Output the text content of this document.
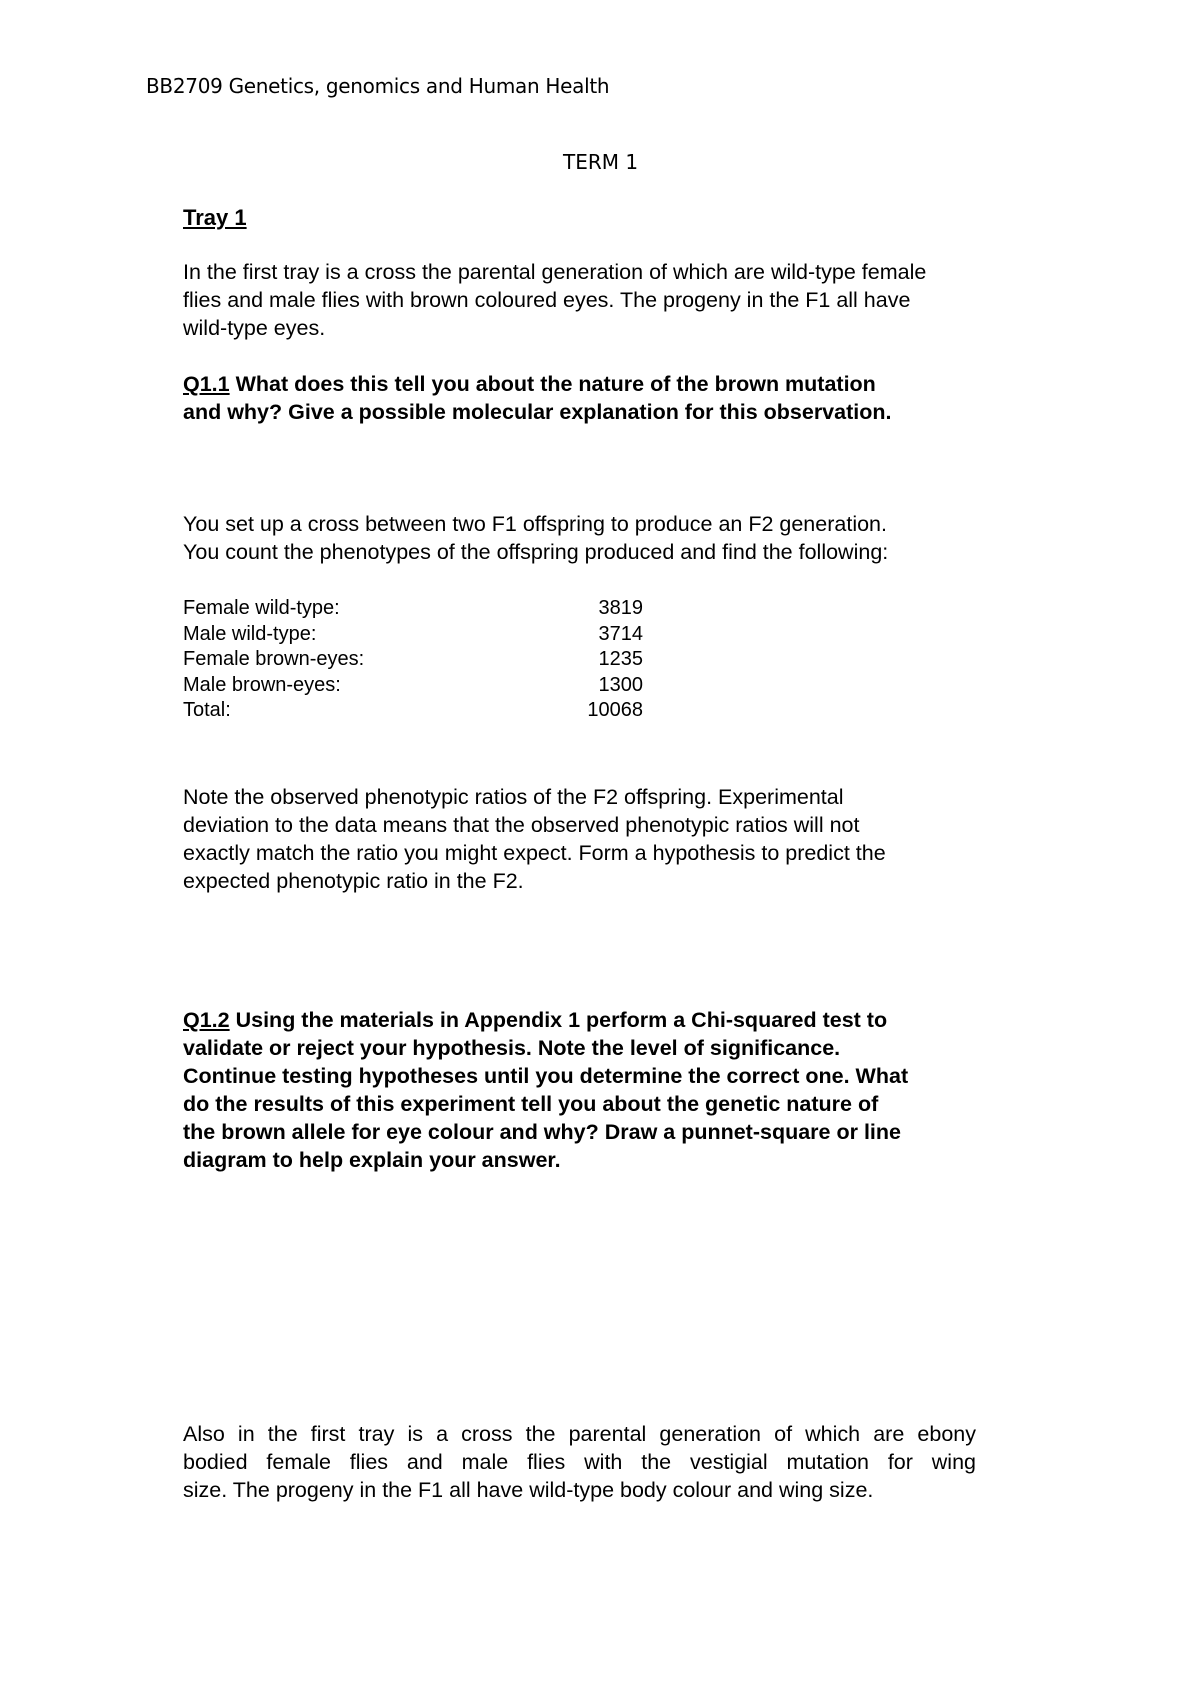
BB2709 Genetics, genomics and Human Health
TERM 1
Tray 1
In the first tray is a cross the parental generation of which are wild-type female
flies and male flies with brown coloured eyes. The progeny in the F1 all have
wild-type eyes.
Q1.1 What does this tell you about the nature of the brown mutation
and why? Give a possible molecular explanation for this observation.
You set up a cross between two F1 offspring to produce an F2 generation.
You count the phenotypes of the offspring produced and find the following:
Female wild-type:	3819
Male wild-type:	3714
Female brown-eyes:	1235
Male brown-eyes:	1300
Total:	10068
Note the observed phenotypic ratios of the F2 offspring. Experimental
deviation to the data means that the observed phenotypic ratios will not
exactly match the ratio you might expect. Form a hypothesis to predict the
expected phenotypic ratio in the F2.
Q1.2 Using the materials in Appendix 1 perform a Chi-squared test to
validate or reject your hypothesis. Note the level of significance.
Continue testing hypotheses until you determine the correct one. What
do the results of this experiment tell you about the genetic nature of
the brown allele for eye colour and why? Draw a punnet-square or line
diagram to help explain your answer.
Also in the first tray is a cross the parental generation of which are ebony
bodied female flies and male flies with the vestigial mutation for wing
size. The progeny in the F1 all have wild-type body colour and wing size.
